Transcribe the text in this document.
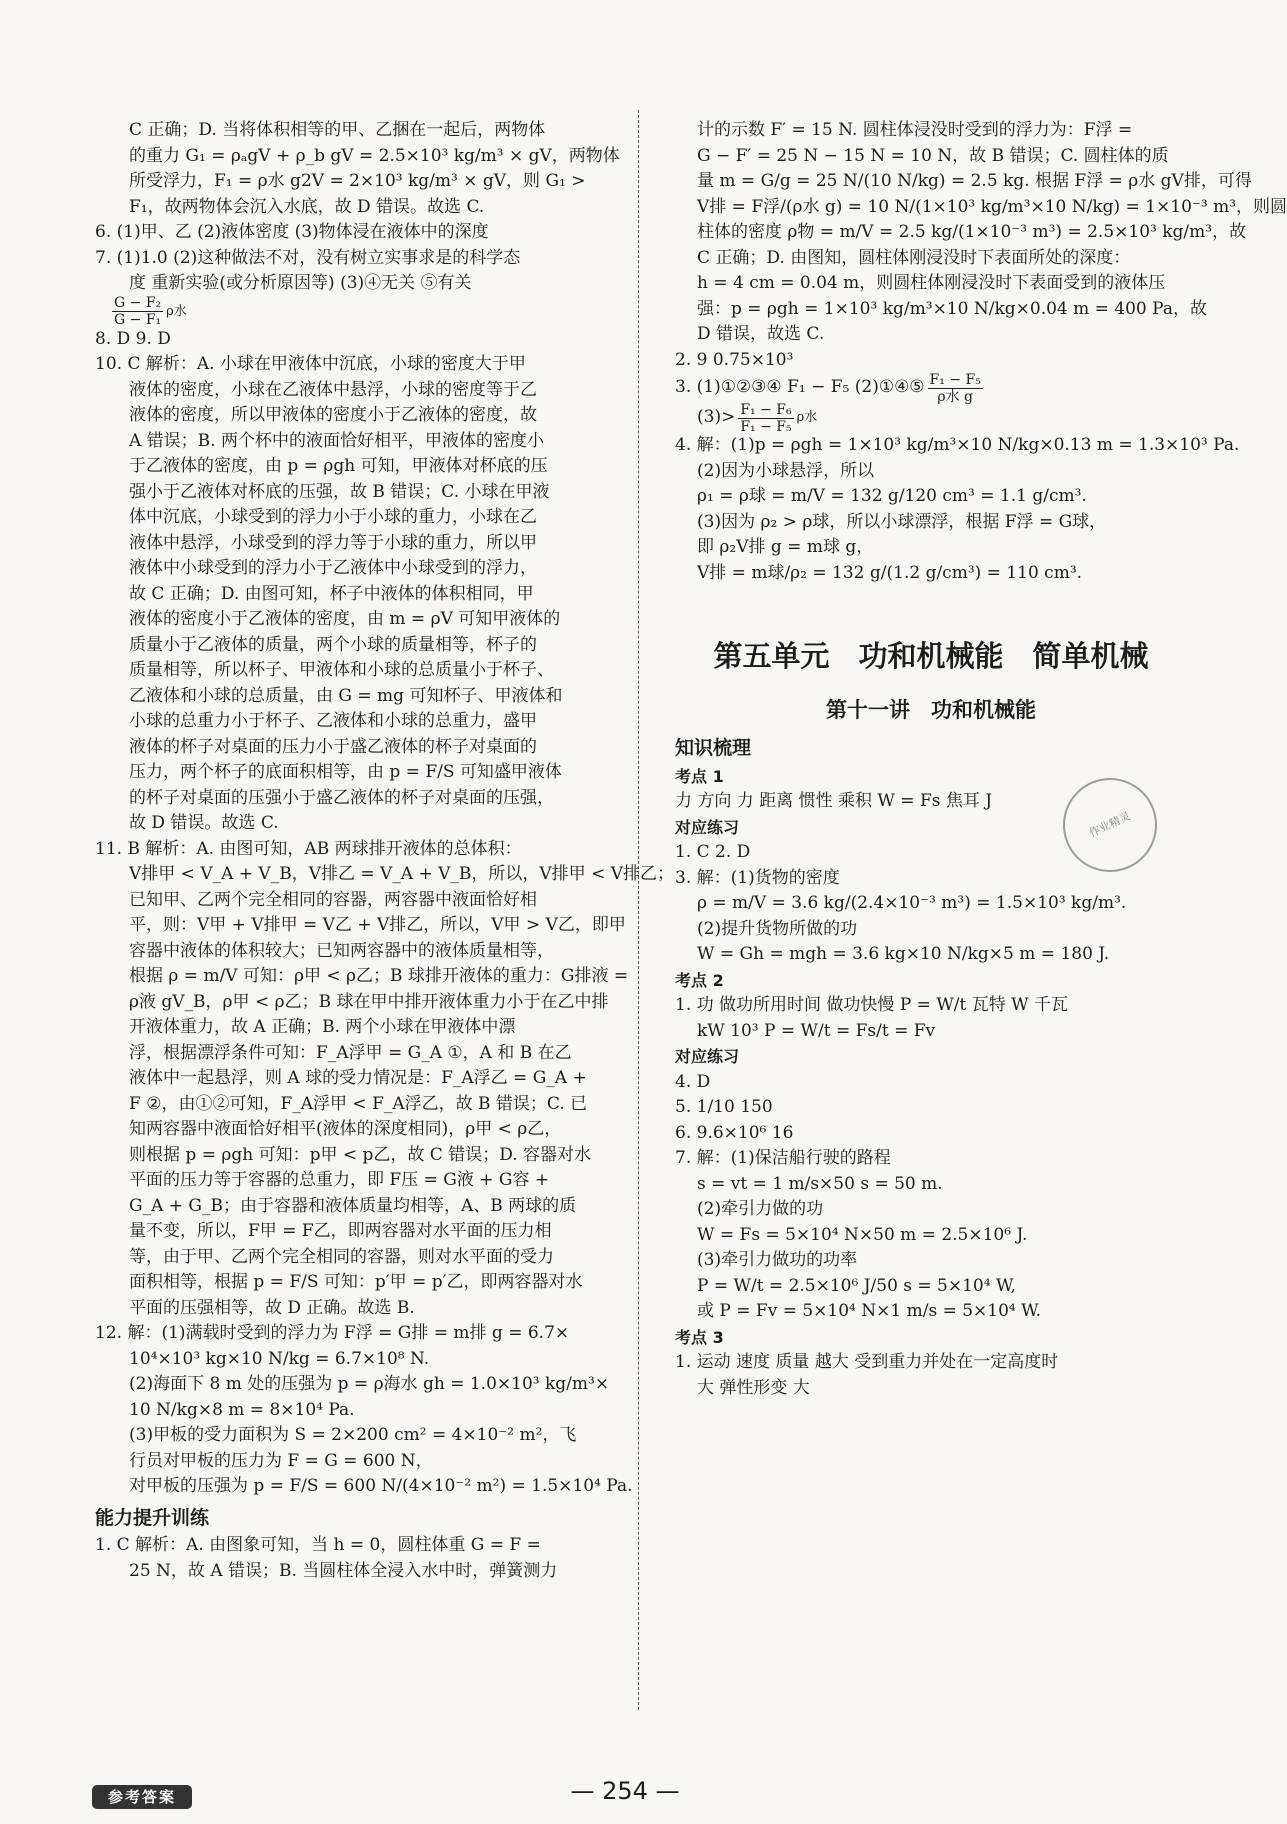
C 正确；D. 当将体积相等的甲、乙捆在一起后，两物体

的重力 G₁ = ρₐgV + ρ_b gV = 2.5×10³ kg/m³ × gV，两物体

所受浮力，F₁ = ρ水 g2V = 2×10³ kg/m³ × gV，则 G₁ >

F₁，故两物体会沉入水底，故 D 错误。故选 C.

6. (1)甲、乙 (2)液体密度 (3)物体浸在液体中的深度

7. (1)1.0 (2)这种做法不对，没有树立实事求是的科学态

度 重新实验(或分析原因等) (3)④无关 ⑤有关

$\frac{\text{G − F₂}}{\text{G − F₁}}$ ρ水

8. D 9. D

10. C 解析：A. 小球在甲液体中沉底，小球的密度大于甲

液体的密度，小球在乙液体中悬浮，小球的密度等于乙

液体的密度，所以甲液体的密度小于乙液体的密度，故

A 错误；B. 两个杯中的液面恰好相平，甲液体的密度小

于乙液体的密度，由 p = ρgh 可知，甲液体对杯底的压

强小于乙液体对杯底的压强，故 B 错误；C. 小球在甲液

体中沉底，小球受到的浮力小于小球的重力，小球在乙

液体中悬浮，小球受到的浮力等于小球的重力，所以甲

液体中小球受到的浮力小于乙液体中小球受到的浮力，

故 C 正确；D. 由图可知，杯子中液体的体积相同，甲

液体的密度小于乙液体的密度，由 m = ρV 可知甲液体的

质量小于乙液体的质量，两个小球的质量相等，杯子的

质量相等，所以杯子、甲液体和小球的总质量小于杯子、

乙液体和小球的总质量，由 G = mg 可知杯子、甲液体和

小球的总重力小于杯子、乙液体和小球的总重力，盛甲

液体的杯子对桌面的压力小于盛乙液体的杯子对桌面的

压力，两个杯子的底面积相等，由 p = F/S 可知盛甲液体

的杯子对桌面的压强小于盛乙液体的杯子对桌面的压强，

故 D 错误。故选 C.

11. B 解析：A. 由图可知，AB 两球排开液体的总体积：

V排甲 < V_A + V_B，V排乙 = V_A + V_B，所以，V排甲 < V排乙；

已知甲、乙两个完全相同的容器，两容器中液面恰好相

平，则：V甲 + V排甲 = V乙 + V排乙，所以，V甲 > V乙，即甲

容器中液体的体积较大；已知两容器中的液体质量相等，

根据 ρ = m/V 可知：ρ甲 < ρ乙；B 球排开液体的重力：G排液 =

ρ液 gV_B，ρ甲 < ρ乙；B 球在甲中排开液体重力小于在乙中排

开液体重力，故 A 正确；B. 两个小球在甲液体中漂

浮，根据漂浮条件可知：F_A浮甲 = G_A ①，A 和 B 在乙

液体中一起悬浮，则 A 球的受力情况是：F_A浮乙 = G_A +

F ②，由①②可知，F_A浮甲 < F_A浮乙，故 B 错误；C. 已

知两容器中液面恰好相平(液体的深度相同)，ρ甲 < ρ乙，

则根据 p = ρgh 可知：p甲 < p乙，故 C 错误；D. 容器对水

平面的压力等于容器的总重力，即 F压 = G液 + G容 +

G_A + G_B；由于容器和液体质量均相等，A、B 两球的质

量不变，所以，F甲 = F乙，即两容器对水平面的压力相

等，由于甲、乙两个完全相同的容器，则对水平面的受力

面积相等，根据 p = F/S 可知：p′甲 = p′乙，即两容器对水

平面的压强相等，故 D 正确。故选 B.

12. 解：(1)满载时受到的浮力为 F浮 = G排 = m排 g = 6.7×

10⁴×10³ kg×10 N/kg = 6.7×10⁸ N.

(2)海面下 8 m 处的压强为 p = ρ海水 gh = 1.0×10³ kg/m³×

10 N/kg×8 m = 8×10⁴ Pa.

(3)甲板的受力面积为 S = 2×200 cm² = 4×10⁻² m²，飞

行员对甲板的压力为 F = G = 600 N，

对甲板的压强为 p = F/S = 600 N/(4×10⁻² m²) = 1.5×10⁴ Pa.

能力提升训练

1. C 解析：A. 由图象可知，当 h = 0，圆柱体重 G = F =

25 N，故 A 错误；B. 当圆柱体全浸入水中时，弹簧测力

计的示数 F′ = 15 N. 圆柱体浸没时受到的浮力为：F浮 =

G − F′ = 25 N − 15 N = 10 N，故 B 错误；C. 圆柱体的质

量 m = G/g = 25 N/(10 N/kg) = 2.5 kg. 根据 F浮 = ρ水 gV排，可得

V排 = F浮/(ρ水 g) = 10 N/(1×10³ kg/m³×10 N/kg) = 1×10⁻³ m³，则圆

柱体的密度 ρ物 = m/V = 2.5 kg/(1×10⁻³ m³) = 2.5×10³ kg/m³，故

C 正确；D. 由图知，圆柱体刚浸没时下表面所处的深度：

h = 4 cm = 0.04 m，则圆柱体刚浸没时下表面受到的液体压

强：p = ρgh = 1×10³ kg/m³×10 N/kg×0.04 m = 400 Pa，故

D 错误，故选 C.

2. 9 0.75×10³

3. (1)①②③④ F₁ − F₅ (2)①④⑤ $\frac{\text{F₁ − F₅}}{\text{ρ水 g}}$
$(3)> \frac{\text{F₁ − F₆}}{\text{F₁ − F₅}}$ ρ水

4. 解：(1)p = ρgh = 1×10³ kg/m³×10 N/kg×0.13 m = 1.3×10³ Pa.

(2)因为小球悬浮，所以

ρ₁ = ρ球 = m/V = 132 g/120 cm³ = 1.1 g/cm³.

(3)因为 ρ₂ > ρ球，所以小球漂浮，根据 F浮 = G球，

即 ρ₂V排 g = m球 g，

V排 = m球/ρ₂ = 132 g/(1.2 g/cm³) = 110 cm³.

第五单元　功和机械能　简单机械
第十一讲　功和机械能
知识梳理
考点 1

力 方向 力 距离 惯性 乘积 W = Fs 焦耳 J

对应练习

1. C 2. D

3. 解：(1)货物的密度

ρ = m/V = 3.6 kg/(2.4×10⁻³ m³) = 1.5×10³ kg/m³.

(2)提升货物所做的功

W = Gh = mgh = 3.6 kg×10 N/kg×5 m = 180 J.

考点 2

1. 功 做功所用时间 做功快慢 P = W/t 瓦特 W 千瓦

kW 10³ P = W/t = Fs/t = Fv

对应练习

4. D

5. 1/10 150

6. 9.6×10⁶ 16

7. 解：(1)保洁船行驶的路程

s = vt = 1 m/s×50 s = 50 m.

(2)牵引力做的功

W = Fs = 5×10⁴ N×50 m = 2.5×10⁶ J.

(3)牵引力做功的功率

P = W/t = 2.5×10⁶ J/50 s = 5×10⁴ W,

或 P = Fv = 5×10⁴ N×1 m/s = 5×10⁴ W.

考点 3

1. 运动 速度 质量 越大 受到重力并处在一定高度时

大 弹性形变 大

作业精灵
参考答案	— 254 —
